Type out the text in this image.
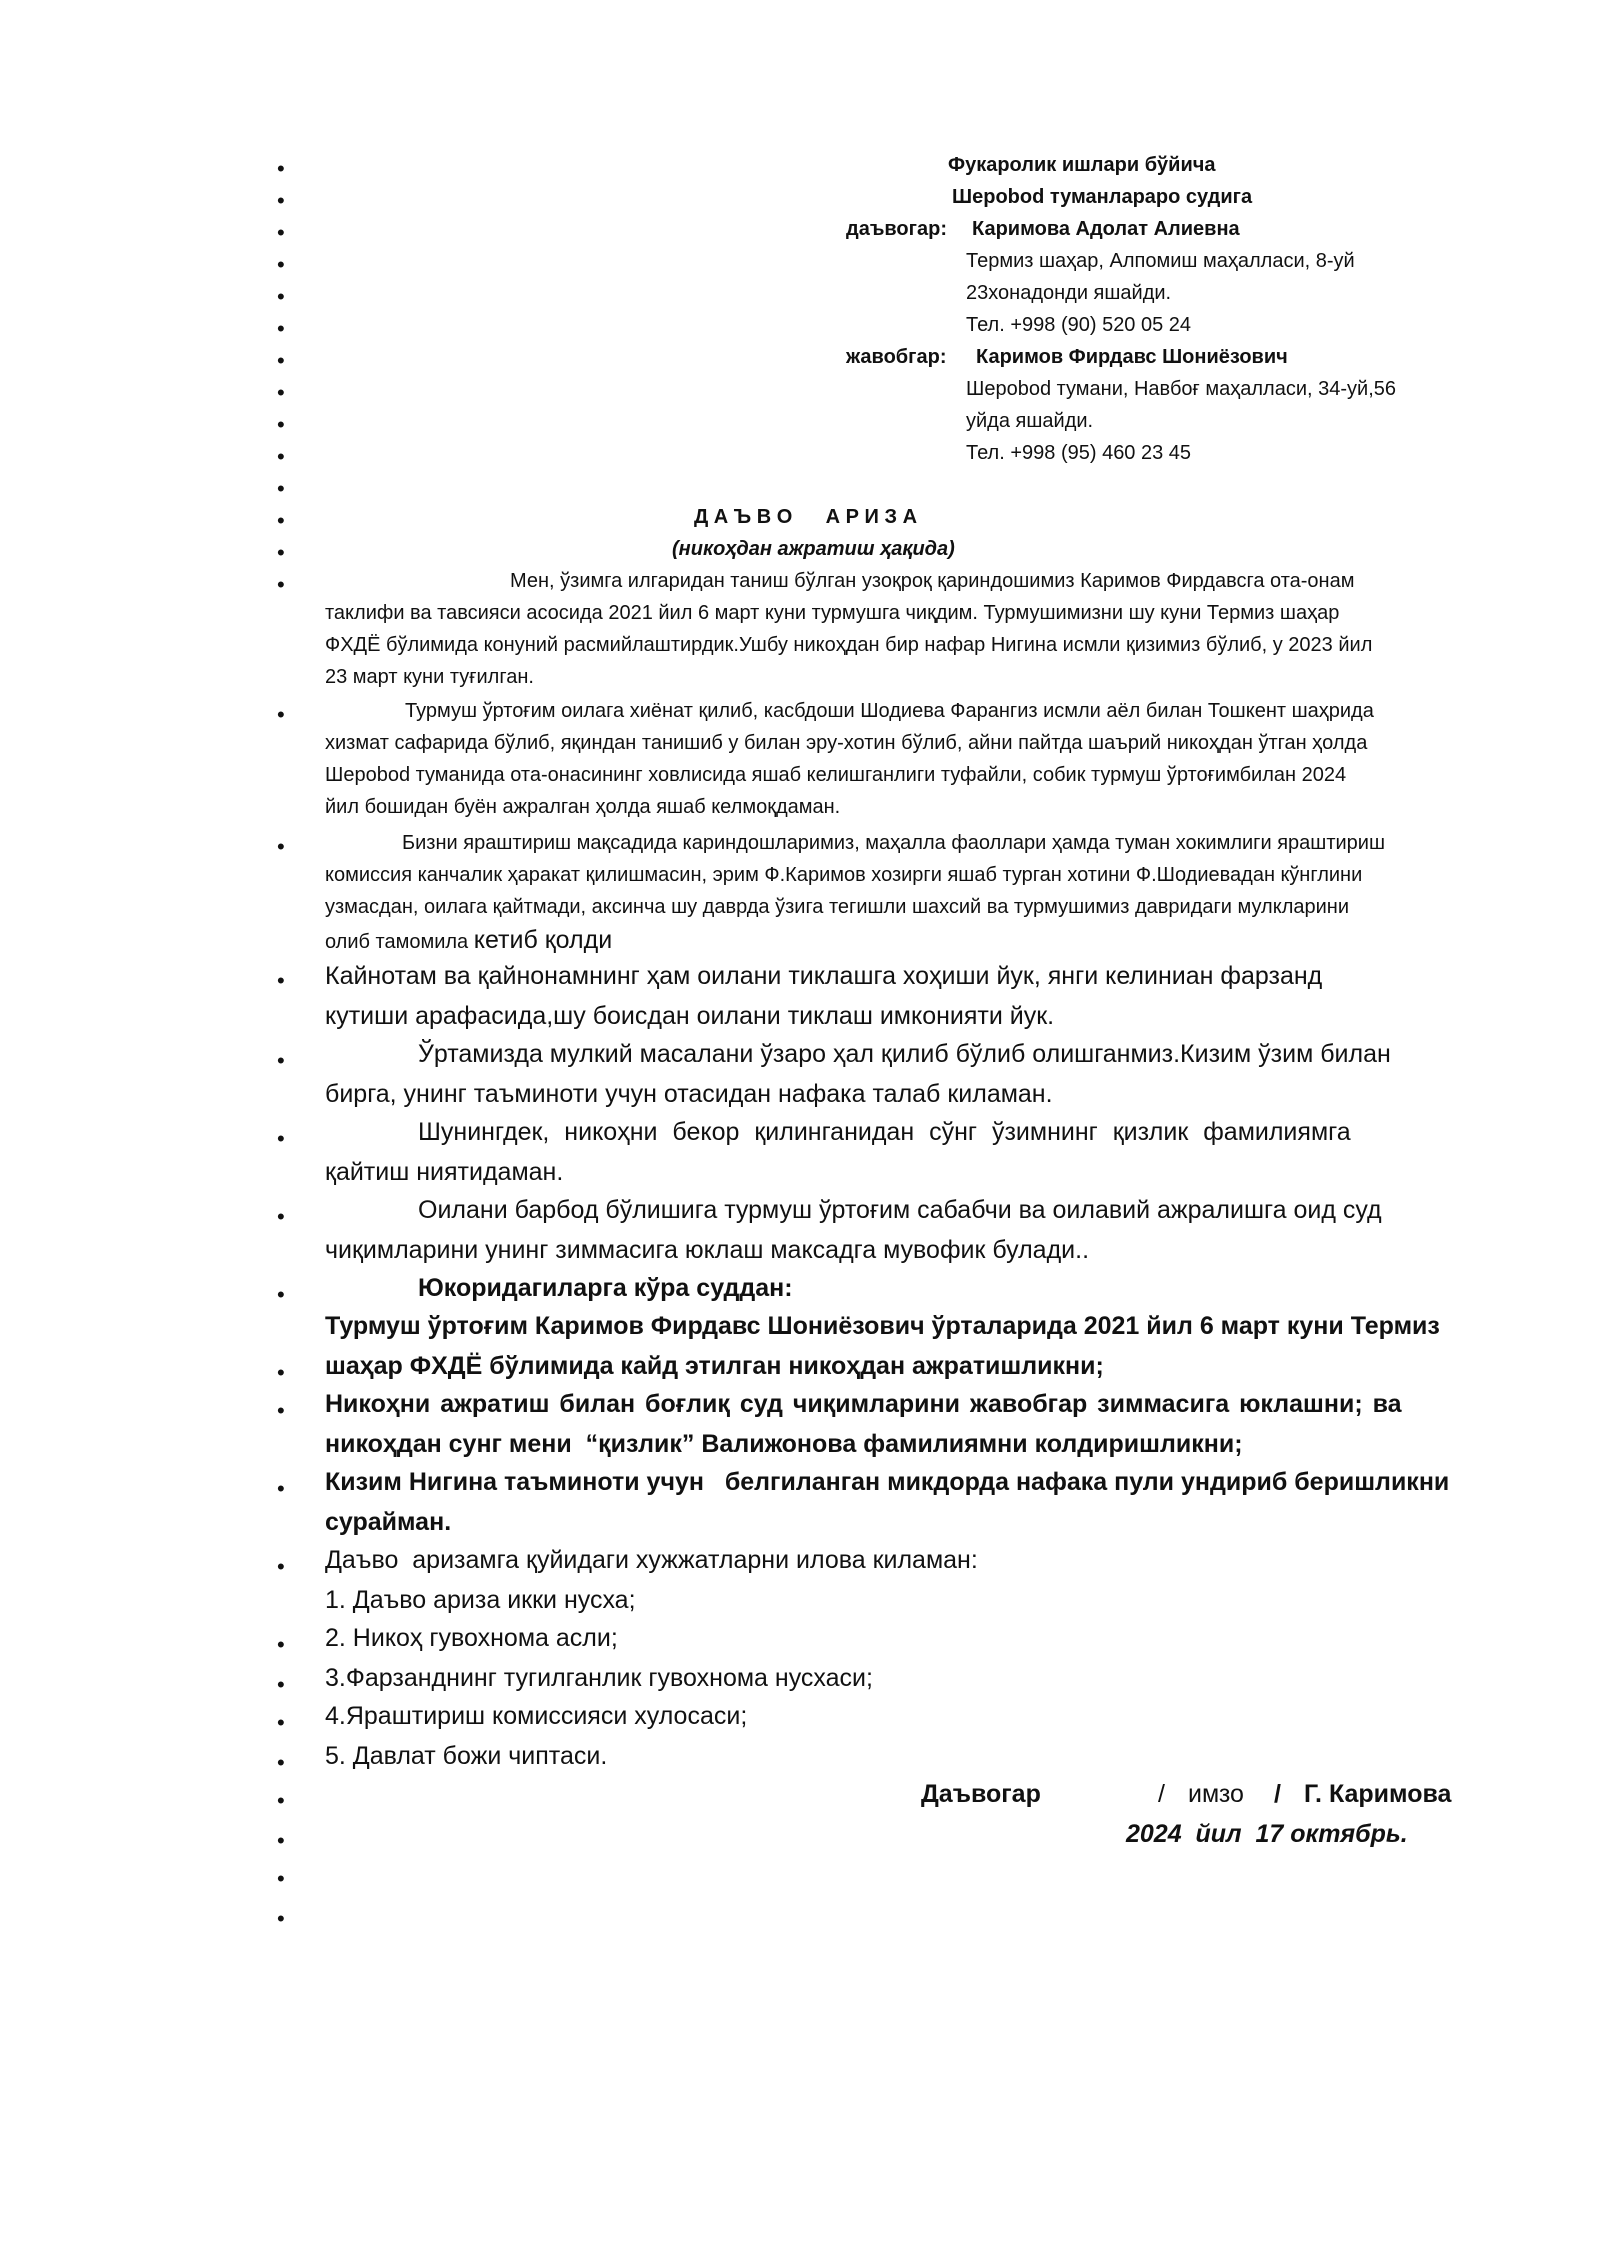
•
•
•
•
•
•
•
•
•
•
•
•
•
•
•
•
•
•
•
•
•
•
•
•
•
•
•
•
•
•
•
•
•
Фукаролик ишлари бўйича
Шерobod туманлараро судига
даъвогар: Каримова Адолат Алиевна
Термиз шаҳар, Алпомиш маҳалласи, 8-уй
23хонадонди яшайди.
Тел. +998 (90) 520 05 24
жавобгар: Каримов Фирдавс Шониёзович
Шерobod тумани, Навбоғ маҳалласи, 34-уй,56
уйда яшайди.
Тел. +998 (95) 460 23 45
Д А Ъ В О      А Р И З А
(никоҳдан ажратиш ҳақида)
Мен, ўзимга илгаридан таниш бўлган узоқроқ қариндошимиз Каримов Фирдавсга ота-онам
таклифи ва тавсияси асосида 2021 йил 6 март куни турмушга чиқдим. Турмушимизни шу куни Термиз шаҳар
ФХДЁ бўлимида конуний расмийлаштирдик.Ушбу никоҳдан бир нафар Нигина исмли қизимиз бўлиб, у 2023 йил
23 март куни туғилган.
Турмуш ўртоғим оилага хиёнат қилиб, касбдоши Шодиева Фарангиз исмли аёл билан Тошкент шаҳрида
хизмат сафарида бўлиб, яқиндан танишиб у билан эру-хотин бўлиб, айни пайтда шаърий никоҳдан ўтган ҳолда
Шерobod туманида ота-онасининг ховлисида яшаб келишганлиги туфайли, собик турмуш ўртоғимбилан 2024
йил бошидан буён ажралган ҳолда яшаб келмоқдаман.
Бизни яраштириш мақсадида кариндошларимиз, маҳалла фаоллари ҳамда туман хокимлиги яраштириш
комиссия канчалик ҳаракат қилишмасин, эрим Ф.Каримов хозирги яшаб турган хотини Ф.Шодиевадан кўнглини
узмасдан, оилага қайтмади, аксинча шу даврда ўзига тегишли шахсий ва турмушимиз давридаги мулкларини
олиб тамомила кетиб қолди
Кайнотам ва қайнонамнинг ҳам оилани тиклашга хоҳиши йук, янги келиниан фарзанд
кутиши арафасида,шу боисдан оилани тиклаш имконияти йук.
Ўртамизда мулкий масалани ўзаро ҳал қилиб бўлиб олишганмиз.Кизим ўзим билан
бирга, унинг таъминоти учун отасидан нафака талаб киламан.
Шунингдек, никоҳни бекор қилинганидан сўнг ўзимнинг қизлик фамилиямга
қайтиш ниятидаман.
Оилани барбод бўлишига турмуш ўртоғим сабабчи ва оилавий ажралишга оид суд
чиқимларини унинг зиммасига юклаш максадга мувофик булади..
Юкоридагиларга кўра суддан:
Турмуш ўртоғим Каримов Фирдавс Шониёзович ўрталарида 2021 йил 6 март куни Термиз
шаҳар ФХДЁ бўлимида кайд этилган никоҳдан ажратишликни;
Никоҳни ажратиш билан боғлиқ суд чиқимларини жавобгар зиммасига юклашни; ва
никоҳдан сунг мени  “қизлик” Валижонова фамилиямни колдиришликни;
Кизим Нигина таъминоти учун   белгиланган микдорда нафака пули ундириб беришликни
сурайман.
Даъво  аризамга қуйидаги хужжатларни илова киламан:
1. Даъво ариза икки нусха;
2. Никоҳ гувохнома асли;
3.Фарзанднинг тугилганлик гувохнома нусхаси;
4.Яраштириш комиссияси хулосаси;
5. Давлат божи чиптаси.
Даъвогар	/ имзо / Г. Каримова
2024  йил  17 октябрь.
